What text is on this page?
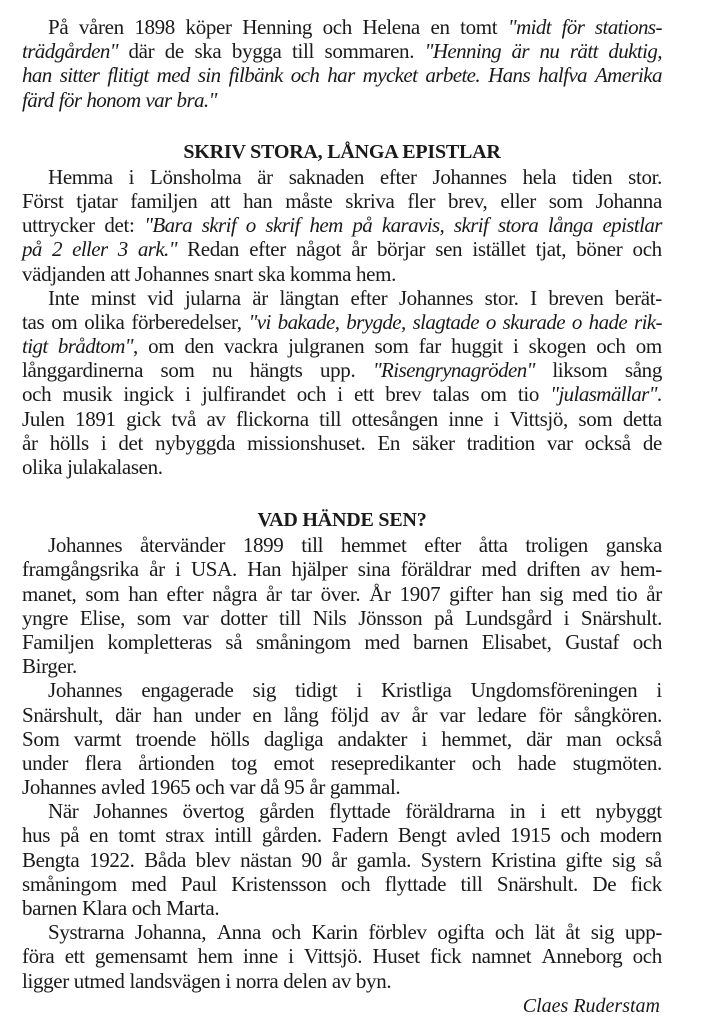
På våren 1898 köper Henning och Helena en tomt "midt för stations-
trädgården" där de ska bygga till sommaren. "Henning är nu rätt duktig,
han sitter flitigt med sin filbänk och har mycket arbete. Hans halfva Amerika
färd för honom var bra."
SKRIV STORA, LÅNGA EPISTLAR
Hemma i Lönsholma är saknaden efter Johannes hela tiden stor.
Först tjatar familjen att han måste skriva fler brev, eller som Johanna
uttrycker det: "Bara skrif o skrif hem på karavis, skrif stora långa epistlar
på 2 eller 3 ark." Redan efter något år börjar sen istället tjat, böner och
vädjanden att Johannes snart ska komma hem.
Inte minst vid jularna är längtan efter Johannes stor. I breven berät-
tas om olika förberedelser, "vi bakade, brygde, slagtade o skurade o hade rik-
tigt brådtom", om den vackra julgranen som far huggit i skogen och om
långgardinerna som nu hängts upp. "Risengrynagröden" liksom sång
och musik ingick i julfirandet och i ett brev talas om tio "julasmällar".
Julen 1891 gick två av flickorna till ottesången inne i Vittsjö, som detta
år hölls i det nybyggda missionshuset. En säker tradition var också de
olika julakalasen.
VAD HÄNDE SEN?
Johannes återvänder 1899 till hemmet efter åtta troligen ganska
framgångsrika år i USA. Han hjälper sina föräldrar med driften av hem-
manet, som han efter några år tar över. År 1907 gifter han sig med tio år
yngre Elise, som var dotter till Nils Jönsson på Lundsgård i Snärshult.
Familjen kompletteras så småningom med barnen Elisabet, Gustaf och
Birger.
Johannes engagerade sig tidigt i Kristliga Ungdomsföreningen i
Snärshult, där han under en lång följd av år var ledare för sångkören.
Som varmt troende hölls dagliga andakter i hemmet, där man också
under flera årtionden tog emot resepredikanter och hade stugmöten.
Johannes avled 1965 och var då 95 år gammal.
När Johannes övertog gården flyttade föräldrarna in i ett nybyggt
hus på en tomt strax intill gården. Fadern Bengt avled 1915 och modern
Bengta 1922. Båda blev nästan 90 år gamla. Systern Kristina gifte sig så
småningom med Paul Kristensson och flyttade till Snärshult. De fick
barnen Klara och Marta.
Systrarna Johanna, Anna och Karin förblev ogifta och lät åt sig upp-
föra ett gemensamt hem inne i Vittsjö. Huset fick namnet Anneborg och
ligger utmed landsvägen i norra delen av byn.
Claes Ruderstam
